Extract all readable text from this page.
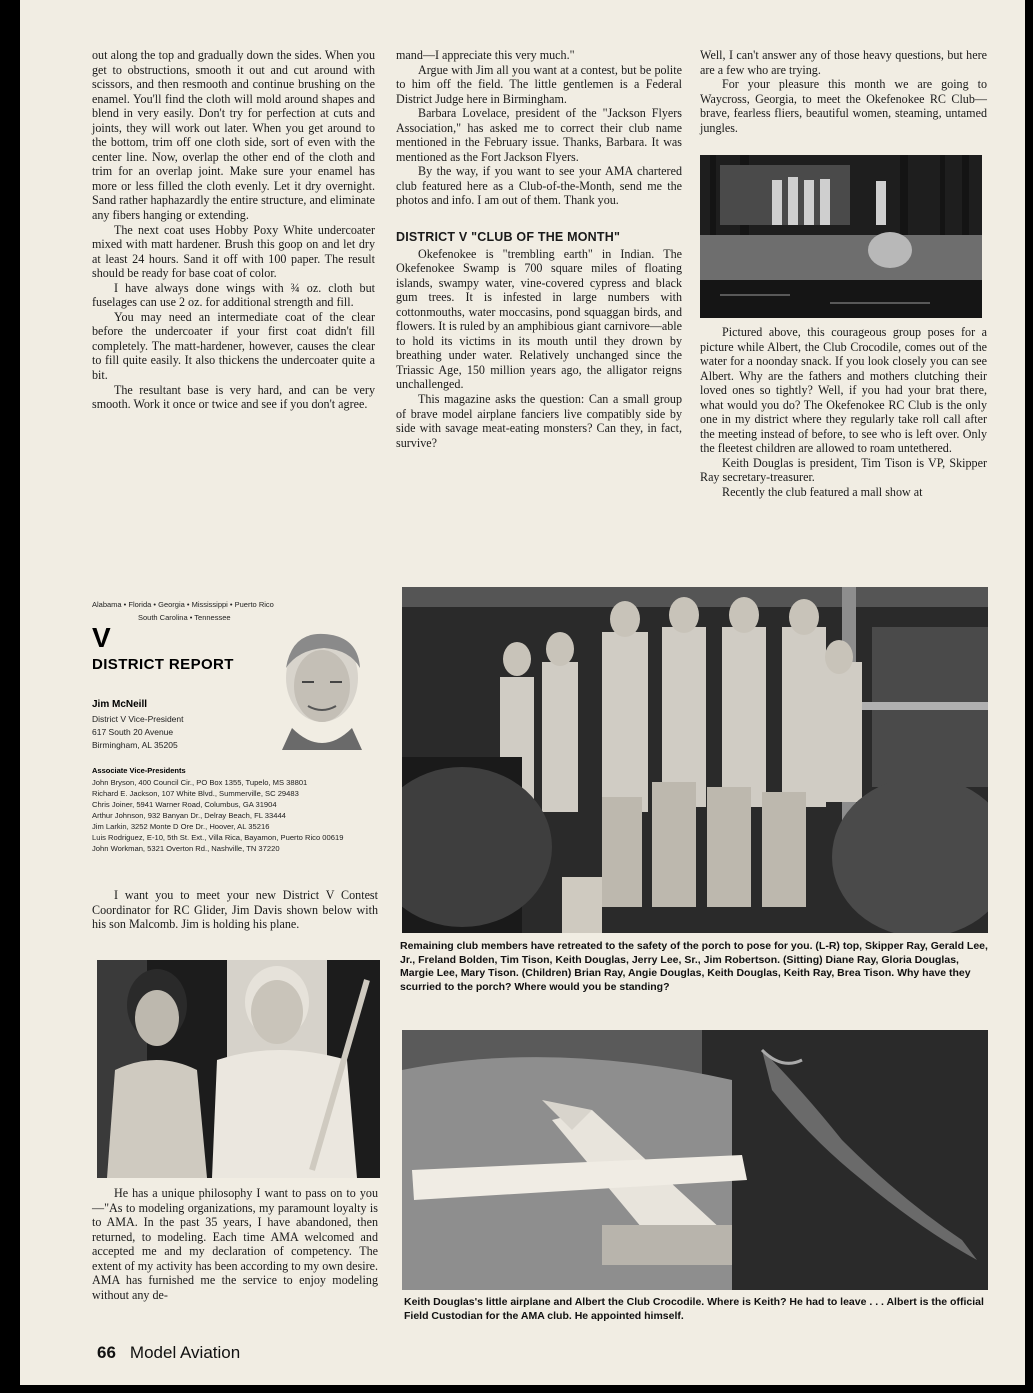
out along the top and gradually down the sides. When you get to obstructions, smooth it out and cut around with scissors, and then resmooth and continue brushing on the enamel. You'll find the cloth will mold around shapes and blend in very easily. Don't try for perfection at cuts and joints, they will work out later. When you get around to the bottom, trim off one cloth side, sort of even with the center line. Now, overlap the other end of the cloth and trim for an overlap joint. Make sure your enamel has more or less filled the cloth evenly. Let it dry overnight. Sand rather haphazardly the entire structure, and eliminate any fibers hanging or extending.

The next coat uses Hobby Poxy White undercoater mixed with matt hardener. Brush this goop on and let dry at least 24 hours. Sand it off with 100 paper. The result should be ready for base coat of color.

I have always done wings with ¾ oz. cloth but fuselages can use 2 oz. for additional strength and fill.

You may need an intermediate coat of the clear before the undercoater if your first coat didn't fill completely. The matt-hardener, however, causes the clear to fill quite easily. It also thickens the undercoater quite a bit.

The resultant base is very hard, and can be very smooth. Work it once or twice and see if you don't agree.

mand—I appreciate this very much."

Argue with Jim all you want at a contest, but be polite to him off the field. The little gentlemen is a Federal District Judge here in Birmingham.

Barbara Lovelace, president of the "Jackson Flyers Association," has asked me to correct their club name mentioned in the February issue. Thanks, Barbara. It was mentioned as the Fort Jackson Flyers.

By the way, if you want to see your AMA chartered club featured here as a Club-of-the-Month, send me the photos and info. I am out of them. Thank you.

DISTRICT V "CLUB OF THE MONTH"

Okefenokee is "trembling earth" in Indian. The Okefenokee Swamp is 700 square miles of floating islands, swampy water, vine-covered cypress and black gum trees. It is infested in large numbers with cottonmouths, water moccasins, pond squaggan birds, and flowers. It is ruled by an amphibious giant carnivore—able to hold its victims in its mouth until they drown by breathing under water. Relatively unchanged since the Triassic Age, 150 million years ago, the alligator reigns unchallenged.

This magazine asks the question: Can a small group of brave model airplane fanciers live compatibly side by side with savage meat-eating monsters? Can they, in fact, survive?

Well, I can't answer any of those heavy questions, but here are a few who are trying.

For your pleasure this month we are going to Waycross, Georgia, to meet the Okefenokee RC Club—brave, fearless fliers, beautiful women, steaming, untamed jungles.

Pictured above, this courageous group poses for a picture while Albert, the Club Crocodile, comes out of the water for a noonday snack. If you look closely you can see Albert. Why are the fathers and mothers clutching their loved ones so tightly? Well, if you had your brat there, what would you do? The Okefenokee RC Club is the only one in my district where they regularly take roll call after the meeting instead of before, to see who is left over. Only the fleetest children are allowed to roam untethered.

Keith Douglas is president, Tim Tison is VP, Skipper Ray secretary-treasurer.

Recently the club featured a mall show at

Alabama • Florida • Georgia • Mississippi • Puerto Rico
South Carolina • Tennessee
V
DISTRICT REPORT
Jim McNeill
District V Vice-President
617 South 20 Avenue
Birmingham, AL 35205
Associate Vice-Presidents
John Bryson, 400 Council Cir., PO Box 1355, Tupelo, MS 38801
Richard E. Jackson, 107 White Blvd., Summerville, SC 29483
Chris Joiner, 5941 Warner Road, Columbus, GA 31904
Arthur Johnson, 932 Banyan Dr., Delray Beach, FL 33444
Jim Larkin, 3252 Monte D Ore Dr., Hoover, AL 35216
Luis Rodriguez, E-10, 5th St. Ext., Villa Rica, Bayamon, Puerto Rico 00619
John Workman, 5321 Overton Rd., Nashville, TN 37220

I want you to meet your new District V Contest Coordinator for RC Glider, Jim Davis shown below with his son Malcomb. Jim is holding his plane.

He has a unique philosophy I want to pass on to you—"As to modeling organizations, my paramount loyalty is to AMA. In the past 35 years, I have abandoned, then returned, to modeling. Each time AMA welcomed and accepted me and my declaration of competency. The extent of my activity has been according to my own desire. AMA has furnished me the service to enjoy modeling without any de-

Remaining club members have retreated to the safety of the porch to pose for you. (L-R) top, Skipper Ray, Gerald Lee, Jr., Freland Bolden, Tim Tison, Keith Douglas, Jerry Lee, Sr., Jim Robertson. (Sitting) Diane Ray, Gloria Douglas, Margie Lee, Mary Tison. (Children) Brian Ray, Angie Douglas, Keith Douglas, Keith Ray, Brea Tison. Why have they scurried to the porch? Where would you be standing?
Keith Douglas's little airplane and Albert the Club Crocodile. Where is Keith? He had to leave . . . Albert is the official Field Custodian for the AMA club. He appointed himself.
66 Model Aviation
